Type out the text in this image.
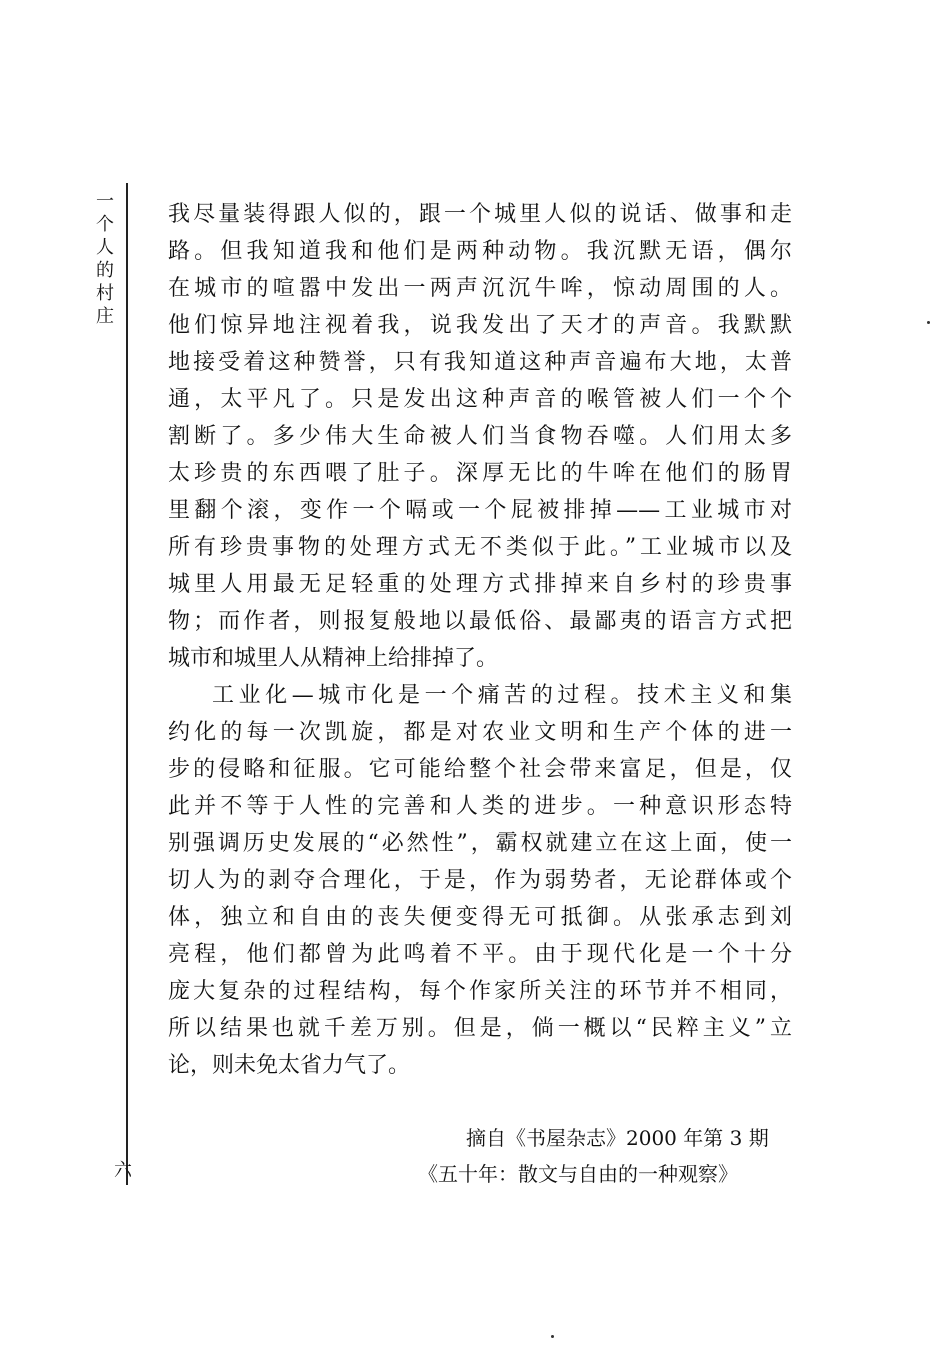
一个人的村庄
六
我尽量装得跟人似的，跟一个城里人似的说话、做事和走
路。但我知道我和他们是两种动物。我沉默无语，偶尔
在城市的喧嚣中发出一两声沉沉牛哞，惊动周围的人。
他们惊异地注视着我，说我发出了天才的声音。我默默
地接受着这种赞誉，只有我知道这种声音遍布大地，太普
通，太平凡了。只是发出这种声音的喉管被人们一个个
割断了。多少伟大生命被人们当食物吞噬。人们用太多
太珍贵的东西喂了肚子。深厚无比的牛哞在他们的肠胃
里翻个滚，变作一个嗝或一个屁被排掉——工业城市对
所有珍贵事物的处理方式无不类似于此。”工业城市以及
城里人用最无足轻重的处理方式排掉来自乡村的珍贵事
物；而作者，则报复般地以最低俗、最鄙夷的语言方式把
城市和城里人从精神上给排掉了。
工业化—城市化是一个痛苦的过程。技术主义和集
约化的每一次凯旋，都是对农业文明和生产个体的进一
步的侵略和征服。它可能给整个社会带来富足，但是，仅
此并不等于人性的完善和人类的进步。一种意识形态特
别强调历史发展的“必然性”，霸权就建立在这上面，使一
切人为的剥夺合理化，于是，作为弱势者，无论群体或个
体，独立和自由的丧失便变得无可抵御。从张承志到刘
亮程，他们都曾为此鸣着不平。由于现代化是一个十分
庞大复杂的过程结构，每个作家所关注的环节并不相同，
所以结果也就千差万别。但是，倘一概以“民粹主义”立
论，则未免太省力气了。
摘自《书屋杂志》2000 年第 3 期
《五十年：散文与自由的一种观察》
